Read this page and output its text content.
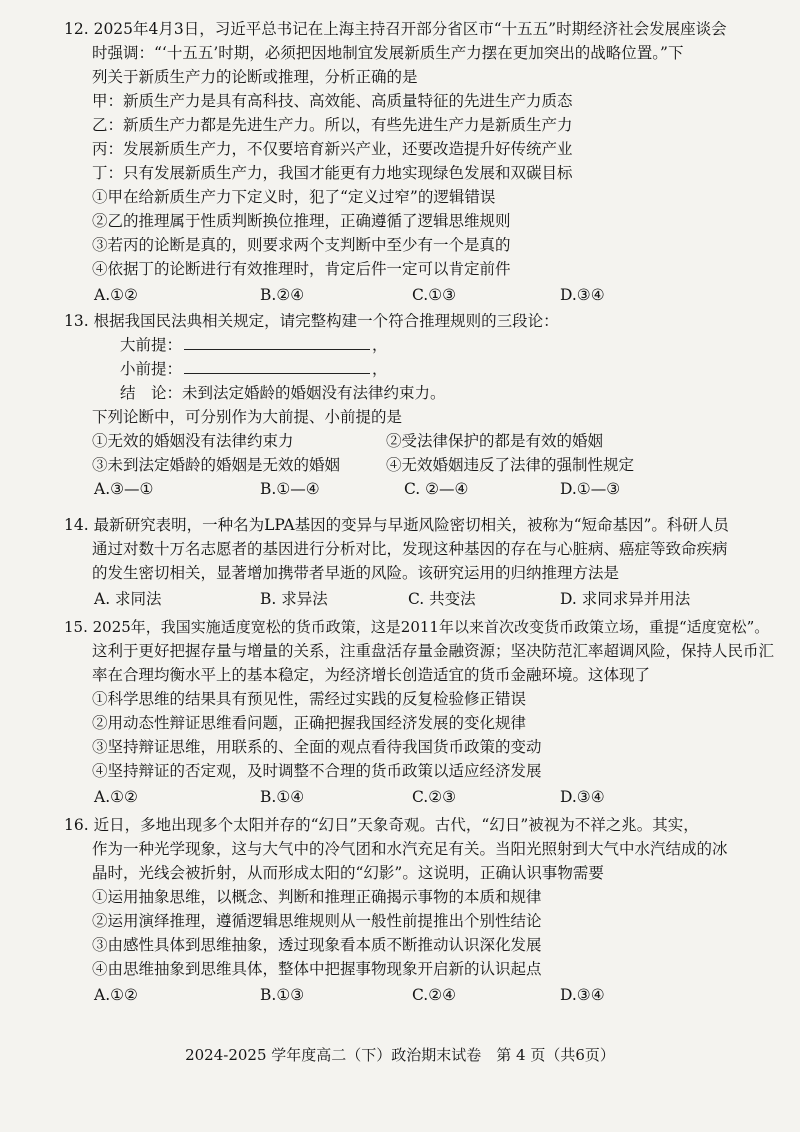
12. 2025年4月3日，习近平总书记在上海主持召开部分省区市“十五五”时期经济社会发展座谈会
时强调：“‘十五五’时期，必须把因地制宜发展新质生产力摆在更加突出的战略位置。”下
列关于新质生产力的论断或推理，分析正确的是
甲：新质生产力是具有高科技、高效能、高质量特征的先进生产力质态
乙：新质生产力都是先进生产力。所以，有些先进生产力是新质生产力
丙：发展新质生产力，不仅要培育新兴产业，还要改造提升好传统产业
丁：只有发展新质生产力，我国才能更有力地实现绿色发展和双碳目标
①甲在给新质生产力下定义时，犯了“定义过窄”的逻辑错误
②乙的推理属于性质判断换位推理，正确遵循了逻辑思维规则
③若丙的论断是真的，则要求两个支判断中至少有一个是真的
④依据丁的论断进行有效推理时，肯定后件一定可以肯定前件
A.①②	B.②④	C.①③	D.③④
13. 根据我国民法典相关规定，请完整构建一个符合推理规则的三段论：
大前提：	，
小前提：	，
结　论：未到法定婚龄的婚姻没有法律约束力。
下列论断中，可分别作为大前提、小前提的是
①无效的婚姻没有法律约束力	②受法律保护的都是有效的婚姻
③未到法定婚龄的婚姻是无效的婚姻	④无效婚姻违反了法律的强制性规定
A.③—①	B.①—④	C. ②—④	D.①—③
14. 最新研究表明，一种名为LPA基因的变异与早逝风险密切相关，被称为“短命基因”。科研人员
通过对数十万名志愿者的基因进行分析对比，发现这种基因的存在与心脏病、癌症等致命疾病
的发生密切相关，显著增加携带者早逝的风险。该研究运用的归纳推理方法是
A. 求同法	B. 求异法	C. 共变法	D. 求同求异并用法
15. 2025年，我国实施适度宽松的货币政策，这是2011年以来首次改变货币政策立场，重提“适度宽松”。
这利于更好把握存量与增量的关系，注重盘活存量金融资源；坚决防范汇率超调风险，保持人民币汇
率在合理均衡水平上的基本稳定，为经济增长创造适宜的货币金融环境。这体现了
①科学思维的结果具有预见性，需经过实践的反复检验修正错误
②用动态性辩证思维看问题，正确把握我国经济发展的变化规律
③坚持辩证思维，用联系的、全面的观点看待我国货币政策的变动
④坚持辩证的否定观，及时调整不合理的货币政策以适应经济发展
A.①②	B.①④	C.②③	D.③④
16. 近日，多地出现多个太阳并存的“幻日”天象奇观。古代，“幻日”被视为不祥之兆。其实，
作为一种光学现象，这与大气中的冷气团和水汽充足有关。当阳光照射到大气中水汽结成的冰
晶时，光线会被折射，从而形成太阳的“幻影”。这说明，正确认识事物需要
①运用抽象思维，以概念、判断和推理正确揭示事物的本质和规律
②运用演绎推理，遵循逻辑思维规则从一般性前提推出个别性结论
③由感性具体到思维抽象，透过现象看本质不断推动认识深化发展
④由思维抽象到思维具体，整体中把握事物现象开启新的认识起点
A.①②	B.①③	C.②④	D.③④
2024-2025 学年度高二（下）政治期末试卷　第 4 页（共6页）
